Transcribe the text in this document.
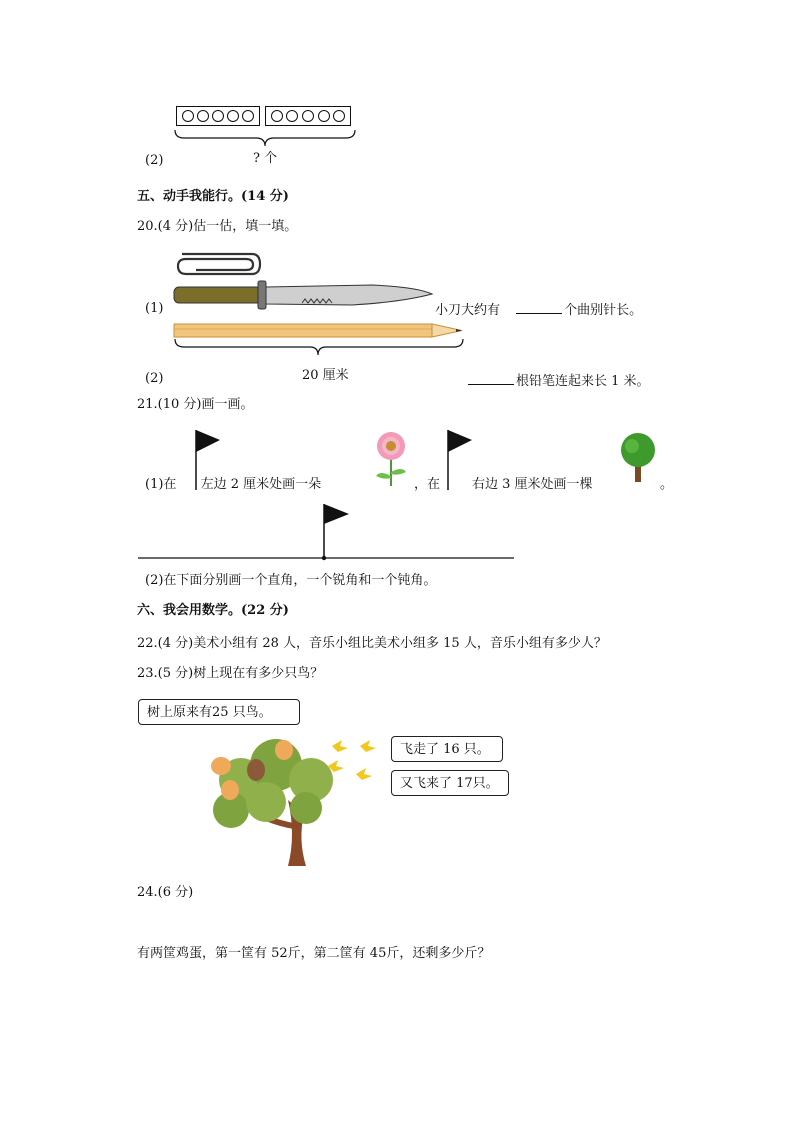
(2)	? 个
五、动手我能行。(14 分)
20.(4 分)估一估，填一填。
(1)	小刀大约有	个曲别针长。
(2)	20 厘米	根铅笔连起来长 1 米。
21.(10 分)画一画。
(1)在 左边 2 厘米处画一朵	，在 右边 3 厘米处画一棵	。
(2)在下面分别画一个直角，一个锐角和一个钝角。
六、我会用数学。(22 分)
22.(4 分)美术小组有 28 人，音乐小组比美术小组多 15 人，音乐小组有多少人？
23.(5 分)树上现在有多少只鸟？
树上原来有25 只鸟。
飞走了 16 只。
又飞来了 17只。
24.(6 分)
有两筐鸡蛋，第一筐有 52斤，第二筐有 45斤，还剩多少斤？
